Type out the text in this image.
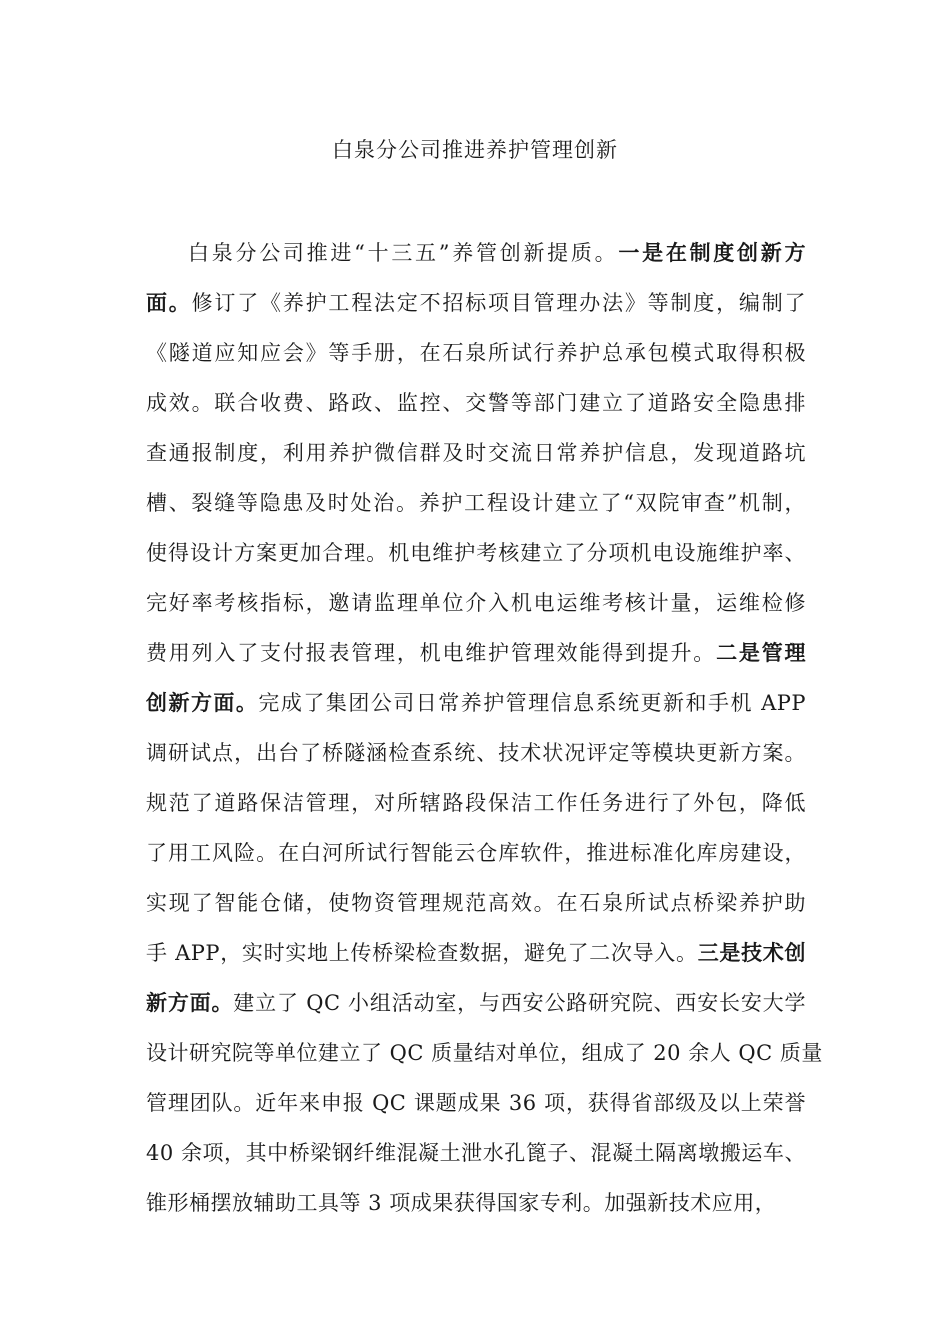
白泉分公司推进养护管理创新
白泉分公司推进“十三五”养管创新提质。一是在制度创新方
面。修订了《养护工程法定不招标项目管理办法》等制度，编制了
《隧道应知应会》等手册，在石泉所试行养护总承包模式取得积极
成效。联合收费、路政、监控、交警等部门建立了道路安全隐患排
查通报制度，利用养护微信群及时交流日常养护信息，发现道路坑
槽、裂缝等隐患及时处治。养护工程设计建立了“双院审查”机制，
使得设计方案更加合理。机电维护考核建立了分项机电设施维护率、
完好率考核指标，邀请监理单位介入机电运维考核计量，运维检修
费用列入了支付报表管理，机电维护管理效能得到提升。二是管理
创新方面。完成了集团公司日常养护管理信息系统更新和手机 APP
调研试点，出台了桥隧涵检查系统、技术状况评定等模块更新方案。
规范了道路保洁管理，对所辖路段保洁工作任务进行了外包，降低
了用工风险。在白河所试行智能云仓库软件，推进标准化库房建设，
实现了智能仓储，使物资管理规范高效。在石泉所试点桥梁养护助
手 APP，实时实地上传桥梁检查数据，避免了二次导入。三是技术创
新方面。建立了 QC 小组活动室，与西安公路研究院、西安长安大学
设计研究院等单位建立了 QC 质量结对单位，组成了 20 余人 QC 质量
管理团队。近年来申报 QC 课题成果 36 项，获得省部级及以上荣誉
40 余项，其中桥梁钢纤维混凝土泄水孔篦子、混凝土隔离墩搬运车、
锥形桶摆放辅助工具等 3 项成果获得国家专利。加强新技术应用，
